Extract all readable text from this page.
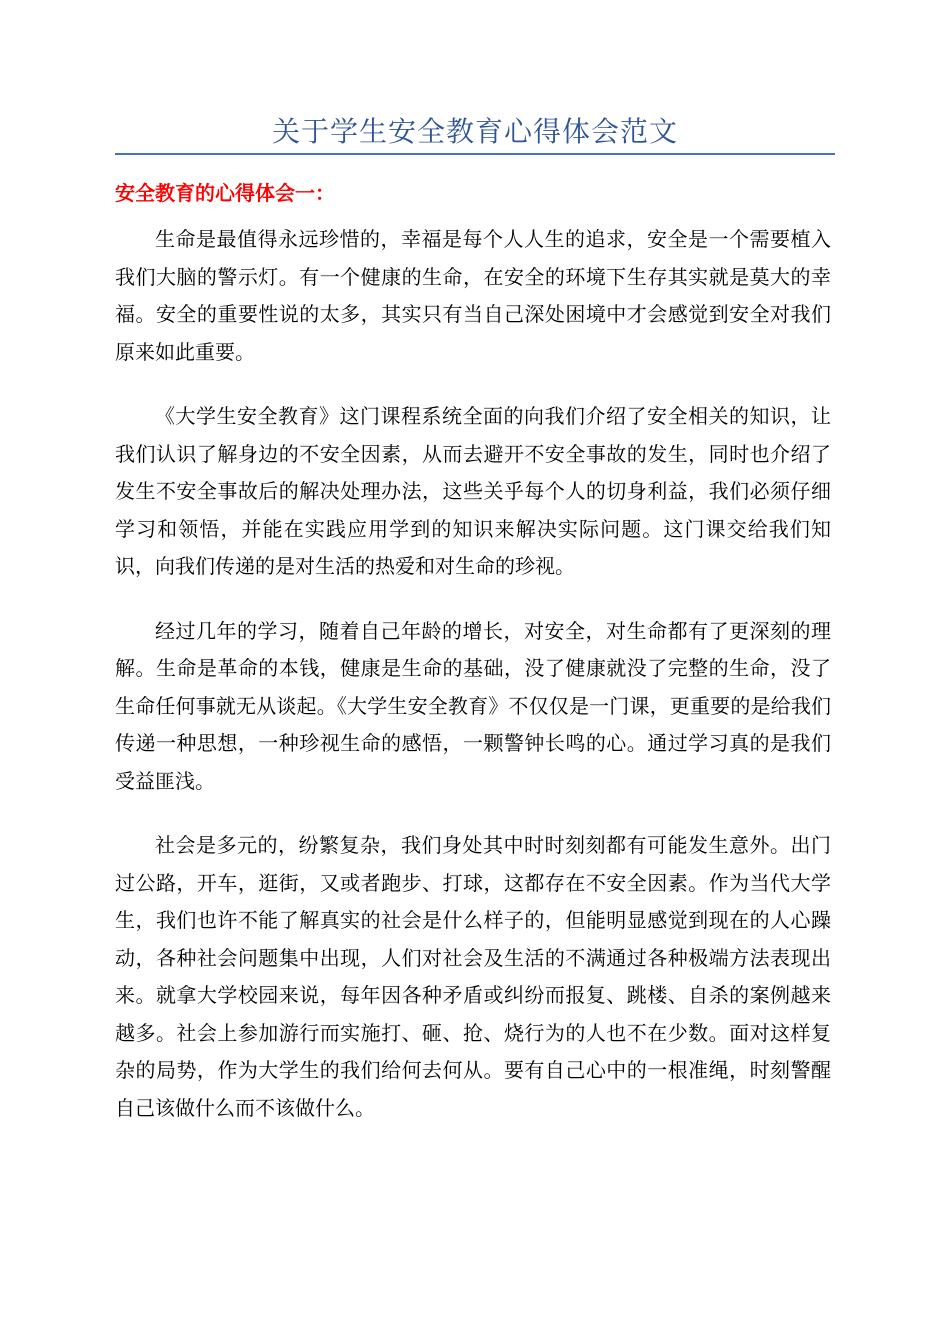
关于学生安全教育心得体会范文
安全教育的心得体会一：

生命是最值得永远珍惜的，幸福是每个人人生的追求，安全是一个需要植入我们大脑的警示灯。有一个健康的生命，在安全的环境下生存其实就是莫大的幸福。安全的重要性说的太多，其实只有当自己深处困境中才会感觉到安全对我们原来如此重要。

《大学生安全教育》这门课程系统全面的向我们介绍了安全相关的知识，让我们认识了解身边的不安全因素，从而去避开不安全事故的发生，同时也介绍了发生不安全事故后的解决处理办法，这些关乎每个人的切身利益，我们必须仔细学习和领悟，并能在实践应用学到的知识来解决实际问题。这门课交给我们知识，向我们传递的是对生活的热爱和对生命的珍视。

经过几年的学习，随着自己年龄的增长，对安全，对生命都有了更深刻的理解。生命是革命的本钱，健康是生命的基础，没了健康就没了完整的生命，没了生命任何事就无从谈起。《大学生安全教育》不仅仅是一门课，更重要的是给我们传递一种思想，一种珍视生命的感悟，一颗警钟长鸣的心。通过学习真的是我们受益匪浅。

社会是多元的，纷繁复杂，我们身处其中时时刻刻都有可能发生意外。出门过公路，开车，逛街，又或者跑步、打球，这都存在不安全因素。作为当代大学生，我们也许不能了解真实的社会是什么样子的，但能明显感觉到现在的人心躁动，各种社会问题集中出现，人们对社会及生活的不满通过各种极端方法表现出来。就拿大学校园来说，每年因各种矛盾或纠纷而报复、跳楼、自杀的案例越来越多。社会上参加游行而实施打、砸、抢、烧行为的人也不在少数。面对这样复杂的局势，作为大学生的我们给何去何从。要有自己心中的一根准绳，时刻警醒自己该做什么而不该做什么。
